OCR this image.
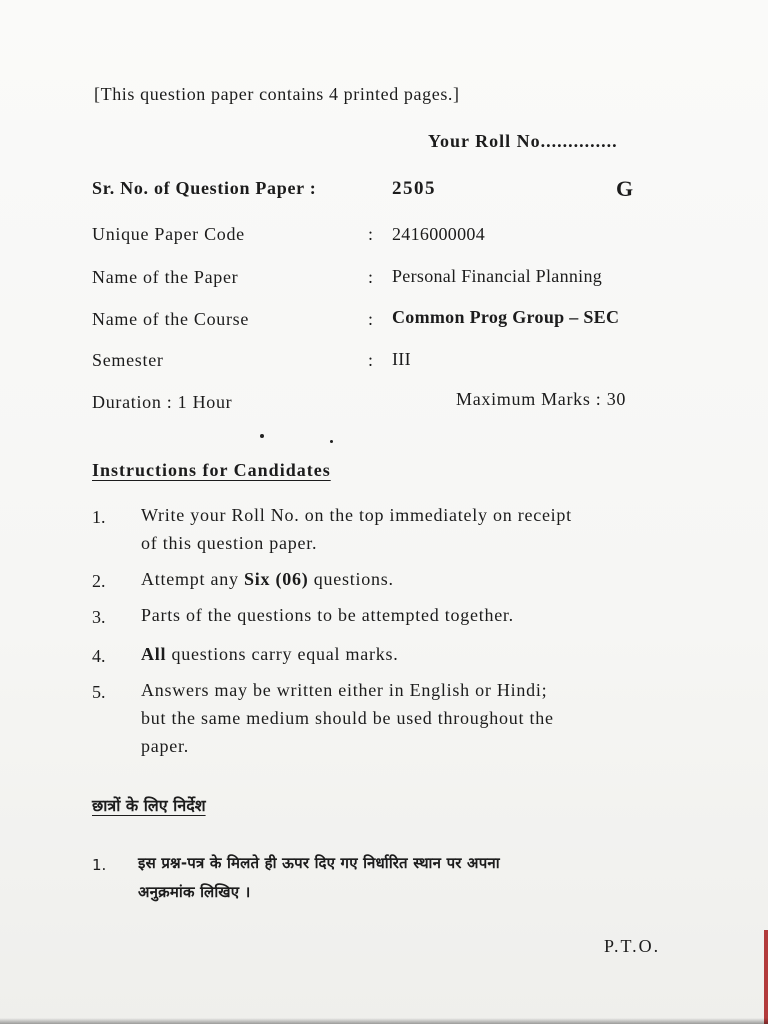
[This question paper contains 4 printed pages.]
Your Roll No..............
Sr. No. of Question Paper :	2505	G
Unique Paper Code	: 2416000004
Name of the Paper	: Personal Financial Planning
Name of the Course	: Common Prog Group – SEC
Semester	: III
Duration : 1 Hour	Maximum Marks : 30
Instructions for Candidates
1. Write your Roll No. on the top immediately on receipt
of this question paper.
2. Attempt any Six (06) questions.
3. Parts of the questions to be attempted together.
4. All questions carry equal marks.
5. Answers may be written either in English or Hindi;
but the same medium should be used throughout the
paper.
छात्रों के लिए निर्देश
1. इस प्रश्न-पत्र के मिलते ही ऊपर दिए गए निर्धारित स्थान पर अपना
अनुक्रमांक लिखिए ।
P.T.O.
